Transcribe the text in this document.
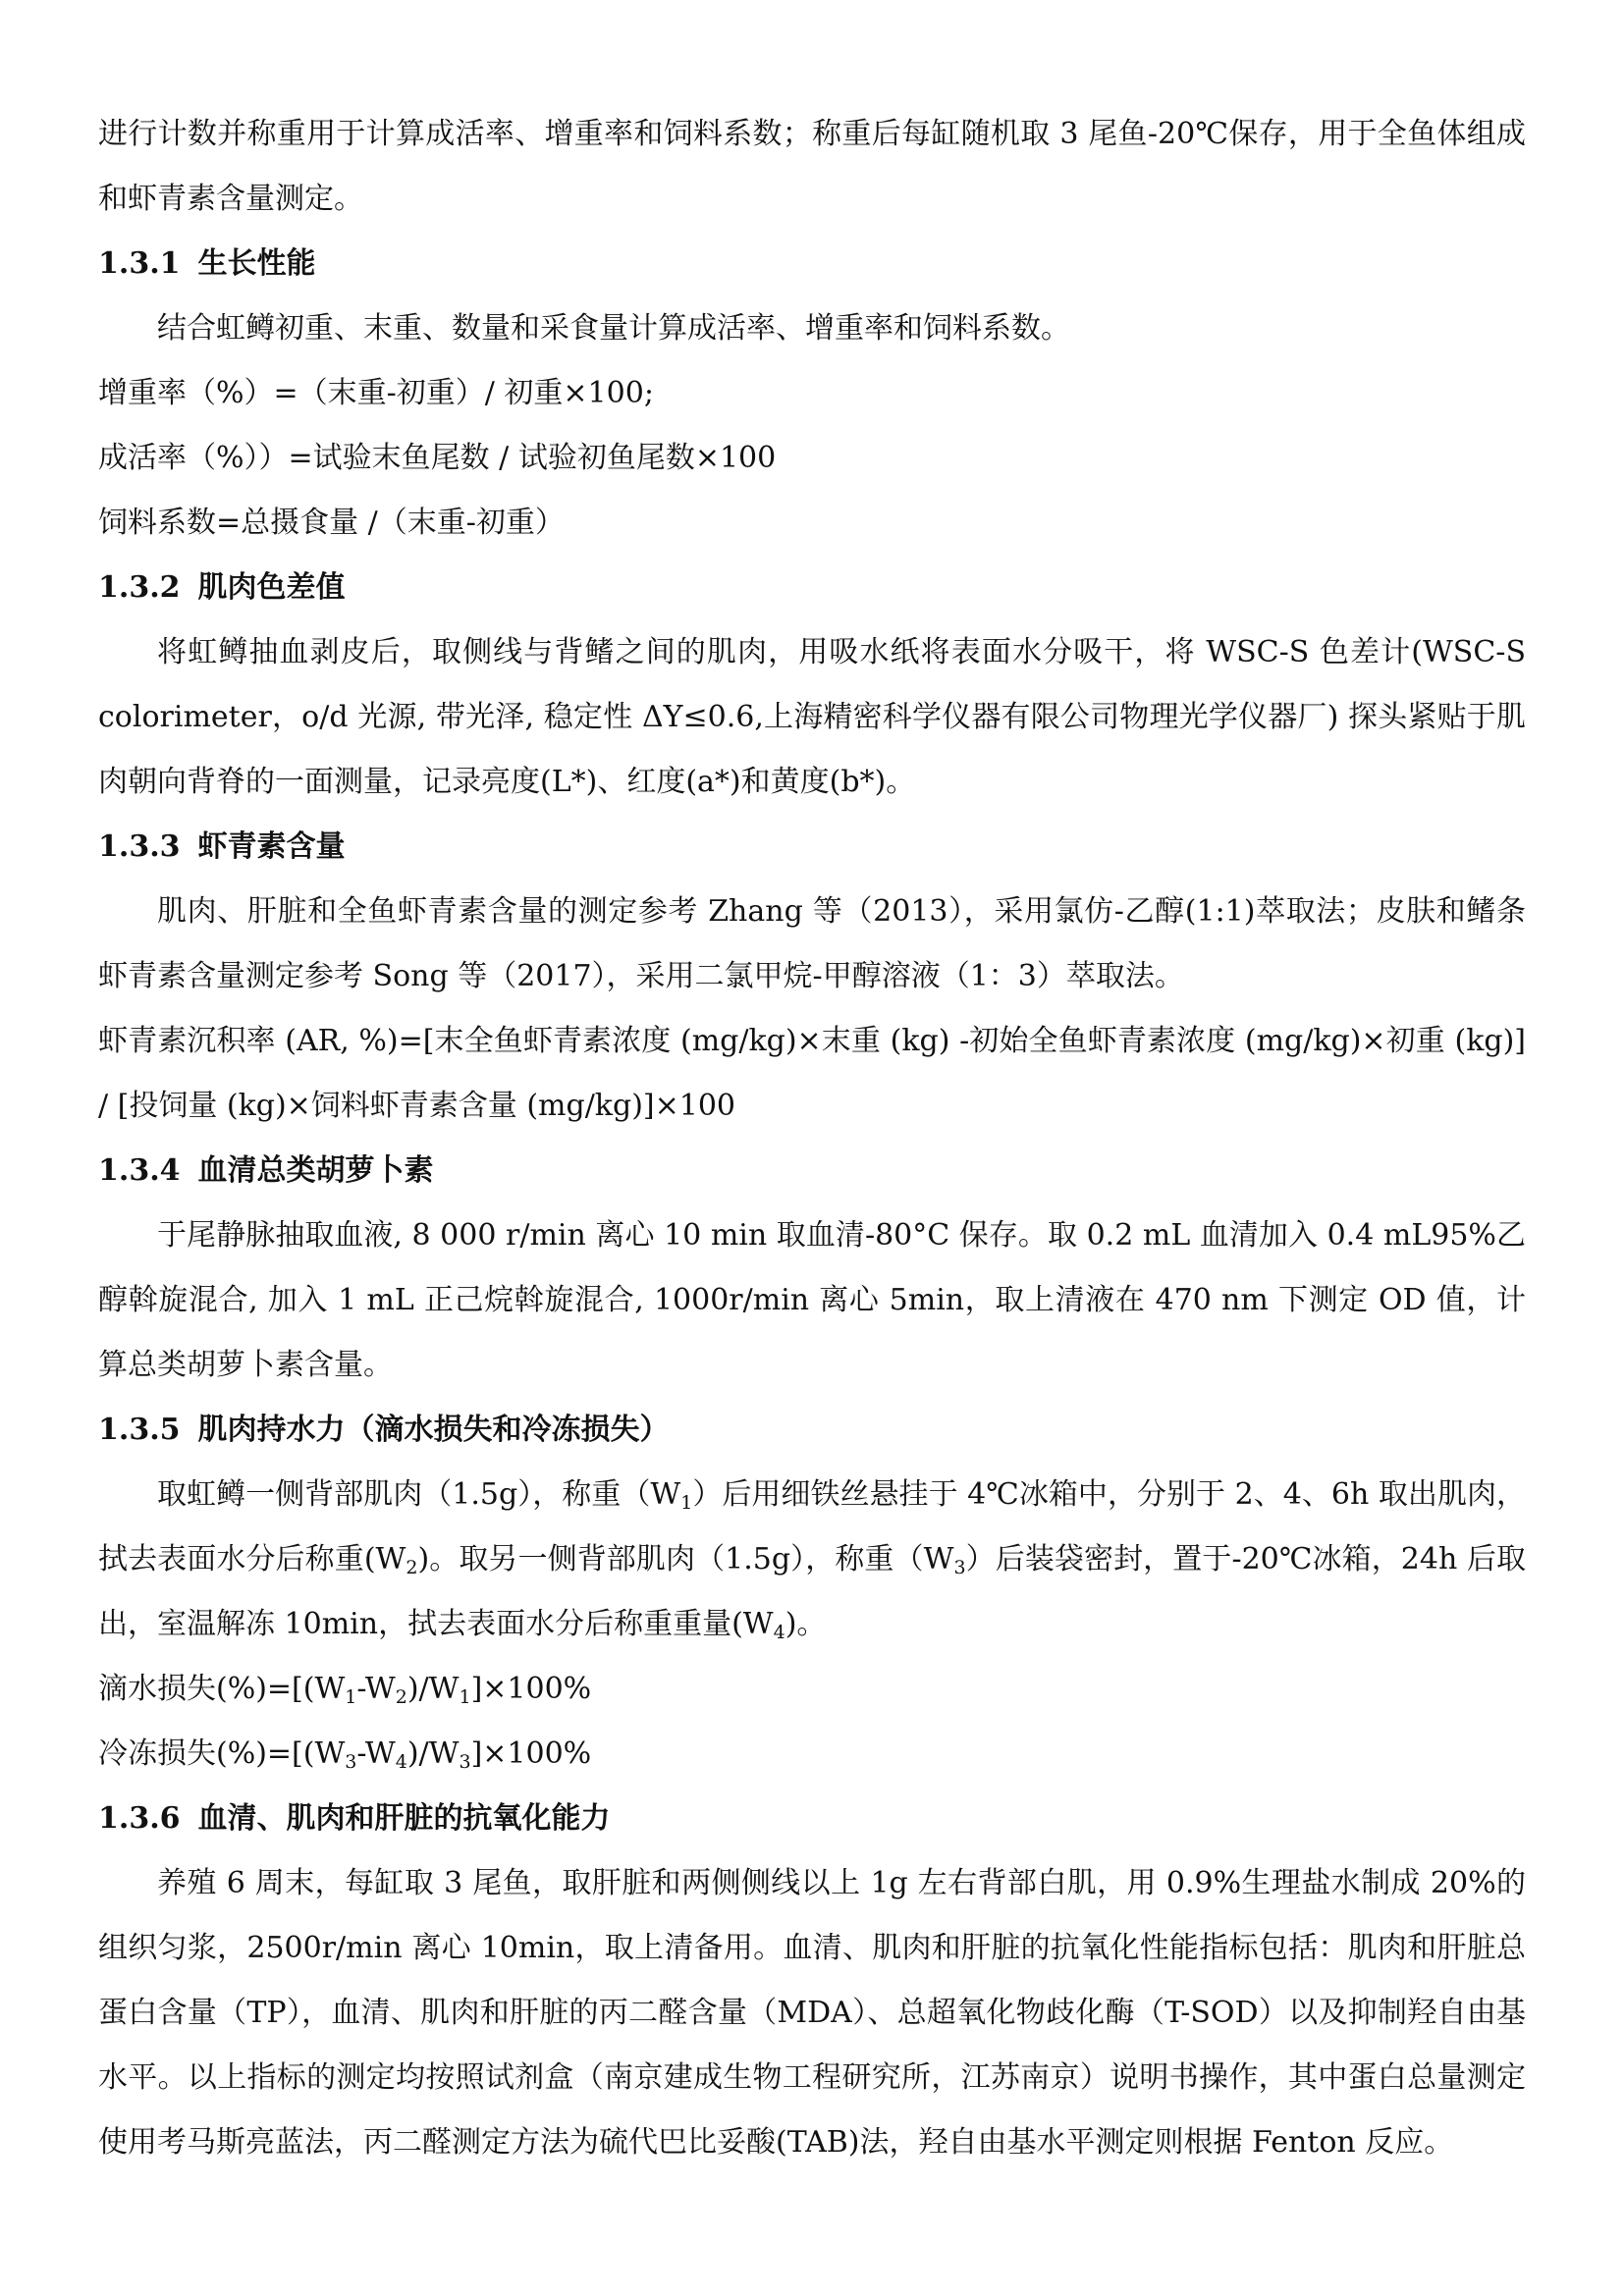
进行计数并称重用于计算成活率、增重率和饲料系数；称重后每缸随机取 3 尾鱼-20℃保存，用于全鱼体组成和虾青素含量测定。

1.3.1 生长性能

结合虹鳟初重、末重、数量和采食量计算成活率、增重率和饲料系数。

增重率（%）=（末重-初重）/ 初重×100;

成活率（%））=试验末鱼尾数 / 试验初鱼尾数×100

饲料系数=总摄食量 /（末重-初重）

1.3.2 肌肉色差值

将虹鳟抽血剥皮后，取侧线与背鳍之间的肌肉，用吸水纸将表面水分吸干，将 WSC-S 色差计(WSC-S colorimeter，o/d 光源, 带光泽, 稳定性 ΔY≤0.6,上海精密科学仪器有限公司物理光学仪器厂) 探头紧贴于肌肉朝向背脊的一面测量，记录亮度(L*)、红度(a*)和黄度(b*)。

1.3.3 虾青素含量

肌肉、肝脏和全鱼虾青素含量的测定参考 Zhang 等（2013），采用氯仿-乙醇(1:1)萃取法；皮肤和鳍条虾青素含量测定参考 Song 等（2017），采用二氯甲烷-甲醇溶液（1：3）萃取法。

虾青素沉积率 (AR, %)=[末全鱼虾青素浓度 (mg/kg)×末重 (kg) -初始全鱼虾青素浓度 (mg/kg)×初重 (kg)] / [投饲量 (kg)×饲料虾青素含量 (mg/kg)]×100

1.3.4 血清总类胡萝卜素

于尾静脉抽取血液, 8 000 r/min 离心 10 min 取血清-80°C 保存。取 0.2 mL 血清加入 0.4 mL95%乙醇斡旋混合, 加入 1 mL 正己烷斡旋混合, 1000r/min 离心 5min，取上清液在 470 nm 下测定 OD 值，计算总类胡萝卜素含量。

1.3.5 肌肉持水力（滴水损失和冷冻损失）

取虹鳟一侧背部肌肉（1.5g），称重$(W_1)$后用细铁丝悬挂于 4℃冰箱中，分别于 2、4、6h 取出肌肉，拭去表面水分后称重$(W_2)$。取另一侧背部肌肉（1.5g），称重$(W_3)$后装袋密封，置于-20℃冰箱，24h 后取出，室温解冻 10min，拭去表面水分后称重重量$(W_4)$。

滴水损失$(\%)=[(W_1-W_2)/W_1]\times 100\%$

冷冻损失$(\%)=[(W_3-W_4)/W_3]\times 100\%$

1.3.6 血清、肌肉和肝脏的抗氧化能力

养殖 6 周末，每缸取 3 尾鱼，取肝脏和两侧侧线以上 1g 左右背部白肌，用 0.9%生理盐水制成 20%的组织匀浆，2500r/min 离心 10min，取上清备用。血清、肌肉和肝脏的抗氧化性能指标包括：肌肉和肝脏总蛋白含量（TP），血清、肌肉和肝脏的丙二醛含量（MDA）、总超氧化物歧化酶（T-SOD）以及抑制羟自由基水平。以上指标的测定均按照试剂盒（南京建成生物工程研究所，江苏南京）说明书操作，其中蛋白总量测定使用考马斯亮蓝法，丙二醛测定方法为硫代巴比妥酸(TAB)法，羟自由基水平测定则根据 Fenton 反应。
